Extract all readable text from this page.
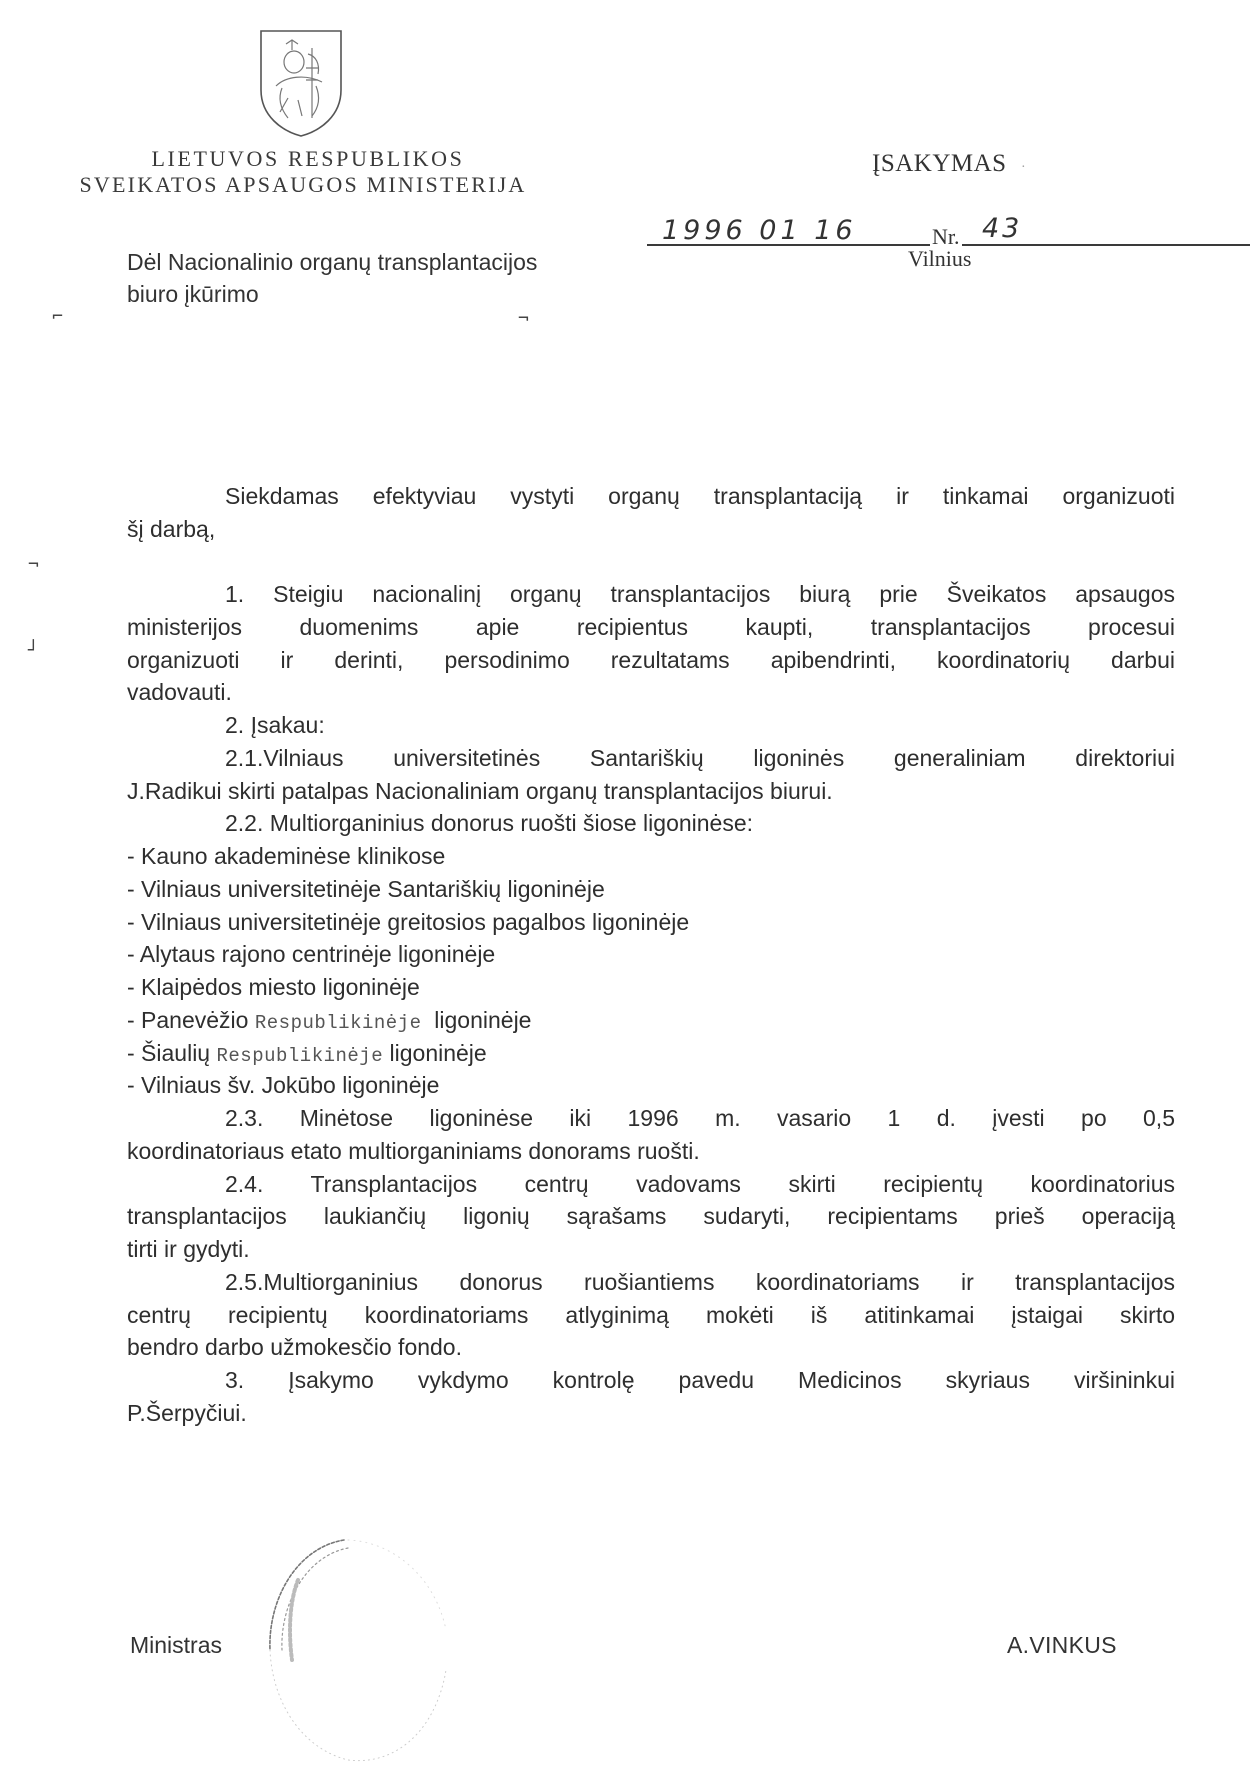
LIETUVOS RESPUBLIKOS
SVEIKATOS APSAUGOS MINISTERIJA
ĮSAKYMAS ·
1996 01 16	Nr. 43
Vilnius
Dėl Nacionalinio organų transplantacijos
biuro įkūrimo
⌐	¬
¬
┘
Siekdamas efektyviau vystyti organų transplantaciją ir tinkamai organizuoti
šį darbą,
1. Steigiu nacionalinį organų transplantacijos biurą prie Šveikatos apsaugos
ministerijos duomenims apie recipientus kaupti, transplantacijos procesui
organizuoti ir derinti, persodinimo rezultatams apibendrinti, koordinatorių darbui
vadovauti.
2. Įsakau:
2.1.Vilniaus universitetinės Santariškių ligoninės generaliniam direktoriui
J.Radikui skirti patalpas Nacionaliniam organų transplantacijos biurui.
2.2. Multiorganinius donorus ruošti šiose ligoninėse:
- Kauno akademinėse klinikose
- Vilniaus universitetinėje Santariškių ligoninėje
- Vilniaus universitetinėje greitosios pagalbos ligoninėje
- Alytaus rajono centrinėje ligoninėje
- Klaipėdos miesto ligoninėje
- Panevėžio Respublikinėje  ligoninėje
- Šiaulių Respublikinėje ligoninėje
- Vilniaus šv. Jokūbo ligoninėje
2.3. Minėtose ligoninėse iki 1996 m. vasario 1 d. įvesti po 0,5
koordinatoriaus etato multiorganiniams donorams ruošti.
2.4. Transplantacijos centrų vadovams skirti recipientų koordinatorius
transplantacijos laukiančių ligonių sąrašams sudaryti, recipientams prieš operaciją
tirti ir gydyti.
2.5.Multiorganinius donorus ruošiantiems koordinatoriams ir transplantacijos
centrų recipientų koordinatoriams atlyginimą mokėti iš atitinkamai įstaigai skirto
bendro darbo užmokesčio fondo.
3. Įsakymo vykdymo kontrolę pavedu Medicinos skyriaus viršininkui
P.Šerpyčiui.
Ministras	A.VINKUS
